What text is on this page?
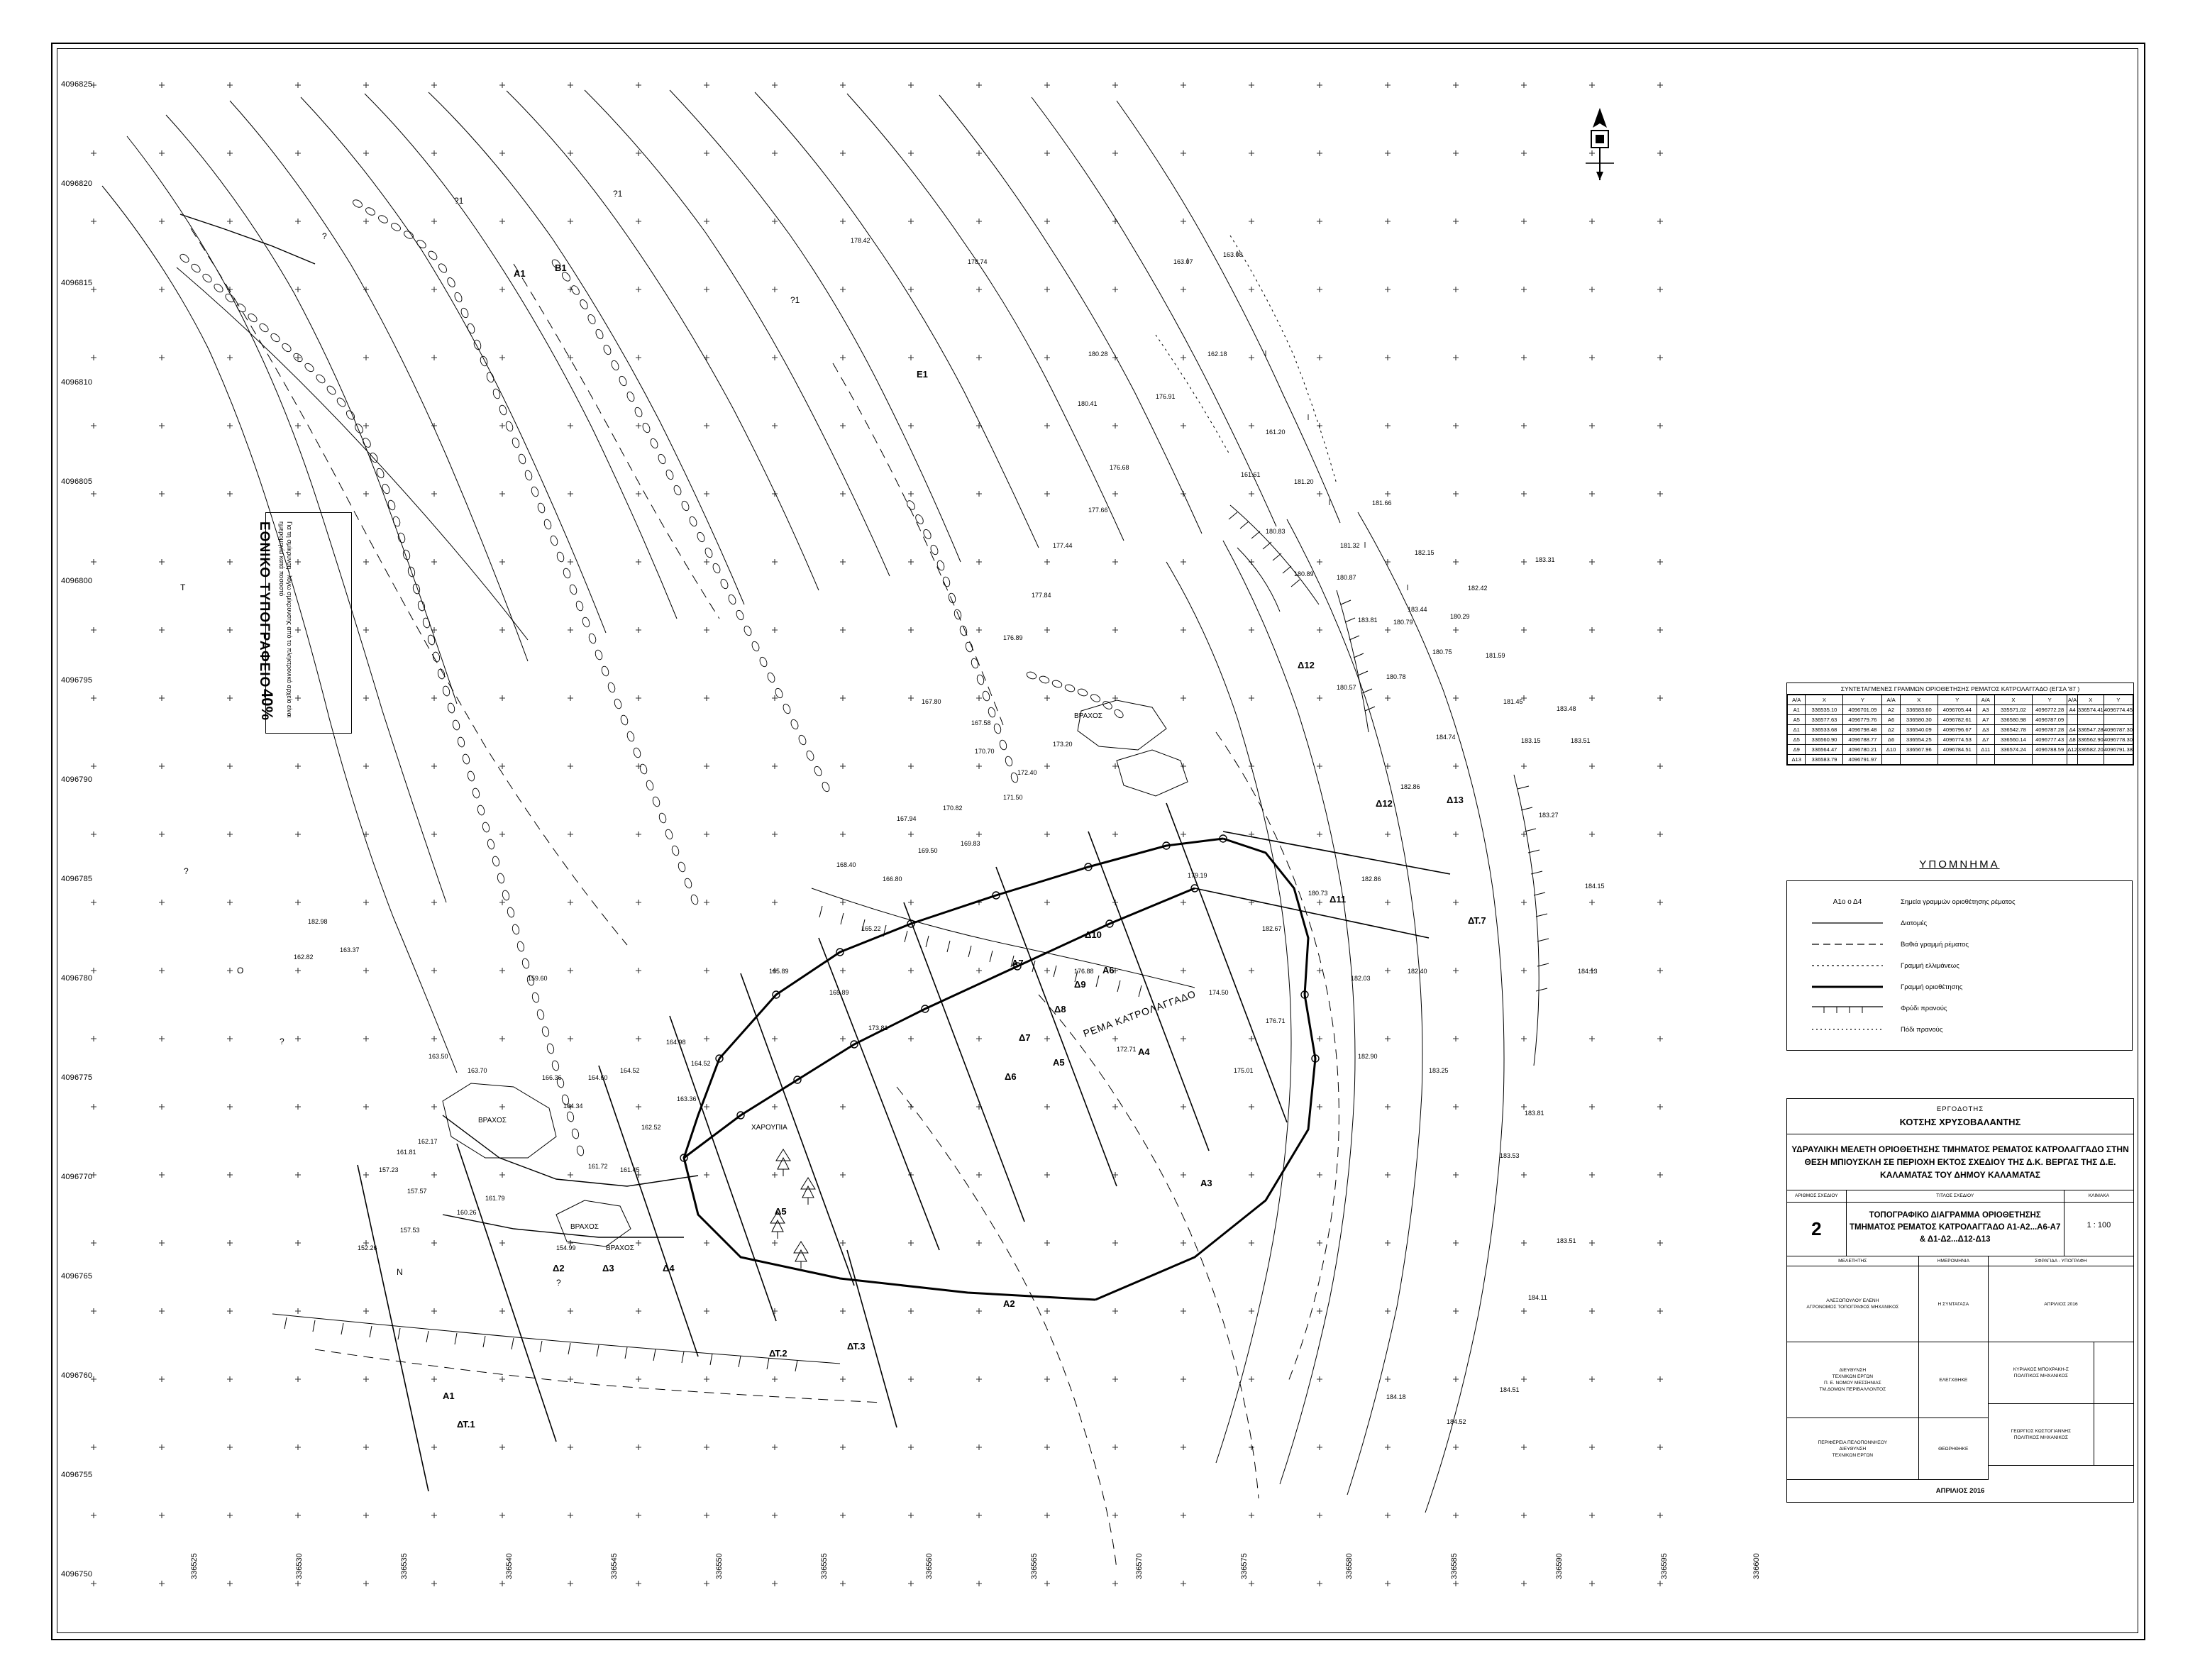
163.07
163.08
162.18
161.20
161.61
181.20
180.83
181.66
181.32
180.89	180.87
182.15
183.31
182.42
183.44
183.81 180.79
180.29
180.75	181.59
180.57
180.78
181.45
183.48
183.15	183.51
183.27
184.15
184.13
184.11
184.18
184.52
184.51
183.51
183.53
183.81
183.25
182.90
182.03
182.40
180.73
182.86
182.67
179.19
174.50
172.71
175.01
176.71
176.88
167.94
173.81
165.89
165.89
165.22
164.52
163.36
162.52
161.45
161.72
159.60
157.57
157.23
152.26	154.99
157.53
160.26
161.79
161.81
162.17
163.70
163.50
182.98
162.82
163.37
164.34
164.60
164.52
164.98
166.36
168.40
166.80
170.82
169.50
169.83
171.50
172.40
173.20
170.70
167.58
167.80
177.84
176.89
177.44
177.66
176.68
178.74
178.42
180.28
180.41
176.91
182.86
184.74
ΡΕΜΑ ΚΑΤΡΟΛΑΓΓΑΔΟ
ΒΡΑΧΟΣ
ΒΡΑΧΟΣ
ΒΡΑΧΟΣ
ΒΡΑΧΟΣ
ΧΑΡΟΥΠΙΑ
Α1
Β1
Ε1
Δ12
Δ12	Δ13
Α6
Α7
Α5
Α4
Α3
Α2
Α1
Δ2	Δ3	Δ4
Δ5
Δ6
Δ7
Δ8
Δ9
Δ10
Δ11
ΔΤ.7
ΔΤ.1
ΔΤ.2
ΔΤ.3
?1
?1
?1
?
Τ
Ο
?
?
Ν
?
ΕΘΝΙΚΟ ΤΥΠΟΓΡΑΦΕΙΟ	Για τη σμίκρυνση - λόγω σμίκρυνσης από το πληκτρονικό αρχείο είναι ημερομηνία κατά ποσοστό
40%
4096825
4096820
4096815
4096810
4096805
4096800
4096795
4096790
4096785
4096780
4096775
4096770
4096765
4096760
4096755
4096750	336525	336530	336535	336540	336545	336550	336555	336560	336565	336570	336575	336580	336585	336590	336595	336600
ΣΥΝΤΕΤΑΓΜΕΝΕΣ ΓΡΑΜΜΩΝ ΟΡΙΟΘΕΤΗΣΗΣ ΡΕΜΑΤΟΣ ΚΑΤΡΟΛΑΓΓΑΔΟ (ΕΓΣΑ '87 )
Α/Α	X	Y	Α/Α	X	Y	Α/Α	X	Y	Α/Α	X	Y
Α1	336535.10	4096701.09	Α2	336583.60	4096705.44	Α3	335571.02	4096772.28	Α4	336574.41	4096774.45
Α5	336577.63	4096779.76	Α6	336580.30	4096782.61	Α7	336580.98	4096787.09			
Δ1	336533.68	4096798.48	Δ2	336540.09	4096796.67	Δ3	336542.78	4096787.28	Δ4	336547.28	4096787.30
Δ5	336560.90	4096788.77	Δ6	336554.25	4096774.53	Δ7	336560.14	4096777.43	Δ8	336562.90	4096778.30
Δ9	336564.47	4096780.21	Δ10	336567.96	4096784.51	Δ11	336574.24	4096788.59	Δ12	336582.20	4096791.38
Δ13	336583.79	4096791.97									
ΥΠΟΜΝΗΜΑ
Α1ο ο Δ4	Σημεία γραμμών οριοθέτησης ρέματος
Διατομές
Βαθιά γραμμή ρέματος
Γραμμή ελλιμάνεως
Γραμμή οριοθέτησης
Φρύδι πρανούς
Πόδι πρανούς
ΕΡΓΟΔΟΤΗΣ
ΚΟΤΣΗΣ ΧΡΥΣΟΒΑΛΑΝΤΗΣ
ΥΔΡΑΥΛΙΚΗ ΜΕΛΕΤΗ ΟΡΙΟΘΕΤΗΣΗΣ ΤΜΗΜΑΤΟΣ ΡΕΜΑΤΟΣ ΚΑΤΡΟΛΑΓΓΑΔΟ ΣΤΗΝ ΘΕΣΗ ΜΠΙΟΥΣΚΛΗ ΣΕ ΠΕΡΙΟΧΗ ΕΚΤΟΣ ΣΧΕΔΙΟΥ ΤΗΣ Δ.Κ. ΒΕΡΓΑΣ ΤΗΣ Δ.Ε. ΚΑΛΑΜΑΤΑΣ ΤΟΥ ΔΗΜΟΥ ΚΑΛΑΜΑΤΑΣ
ΑΡΙΘΜΟΣ ΣΧΕΔΙΟΥ
2
ΤΙΤΛΟΣ ΣΧΕΔΙΟΥ
ΤΟΠΟΓΡΑΦΙΚΟ ΔΙΑΓΡΑΜΜΑ ΟΡΙΟΘΕΤΗΣΗΣ ΤΜΗΜΑΤΟΣ ΡΕΜΑΤΟΣ ΚΑΤΡΟΛΑΓΓΑΔΟ Α1-Α2...Α6-Α7 & Δ1-Δ2...Δ12-Δ13
ΚΛΙΜΑΚΑ
1 : 100
ΜΕΛΕΤΗΤΗΣ	ΗΜΕΡΟΜΗΝΙΑ	ΣΦΡΑΓΙΔΑ - ΥΠΟΓΡΑΦΗ
ΑΛΕΞΟΠΟΥΛΟΥ ΕΛΕΝΗ
ΑΓΡΟΝΟΜΟΣ ΤΟΠΟΓΡΑΦΟΣ ΜΗΧΑΝΙΚΟΣ
ΔΙΕΥΘΥΝΣΗ
ΤΕΧΝΙΚΩΝ ΕΡΓΩΝ
Π. Ε. ΝΟΜΟΥ ΜΕΣΣΗΝΙΑΣ
ΤΜ.ΔΟΜΩΝ ΠΕΡΙΒΑΛΛΟΝΤΟΣ
ΠΕΡΙΦΕΡΕΙΑ ΠΕΛΟΠΟΝΝΗΣΟΥ
ΔΙΕΥΘΥΝΣΗ
ΤΕΧΝΙΚΩΝ ΕΡΓΩΝ
Η ΣΥΝΤΑΓΑΣΑ
ΕΛΕΓΧΘΗΚΕ
ΘΕΩΡΗΘΗΚΕ
ΑΠΡΙΛΙΟΣ 2016
ΚΥΡΙΑΚΟΣ ΜΠΟΧΡΑΚΗ-Σ
ΠΟΛΙΤΙΚΟΣ ΜΗΧΑΝΙΚΟΣ
ΓΕΩΡΓΙΟΣ ΚΩΣΤΟΓΙΑΝΝΗΣ
ΠΟΛΙΤΙΚΟΣ ΜΗΧΑΝΙΚΟΣ
ΑΠΡΙΛΙΟΣ 2016
